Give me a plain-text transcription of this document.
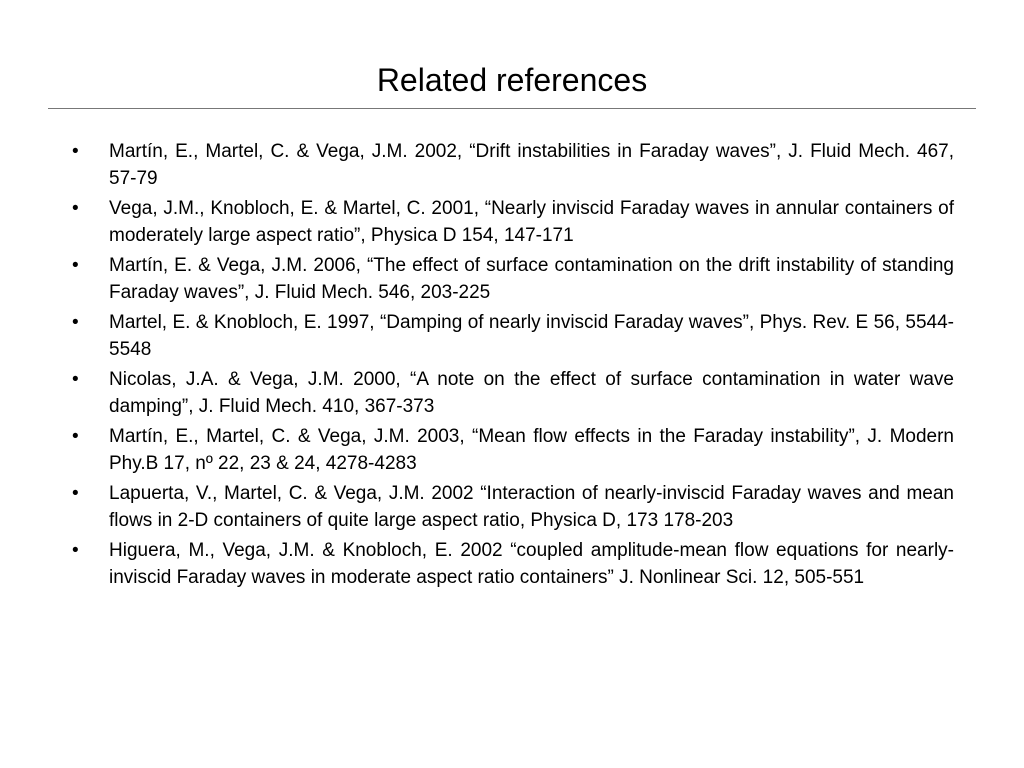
Related references
•	Martín, E., Martel, C. & Vega, J.M. 2002, “Drift instabilities in Faraday waves”, J. Fluid Mech. 467, 57-79
•	Vega, J.M., Knobloch, E. & Martel, C. 2001, “Nearly inviscid Faraday waves in annular containers of moderately large aspect ratio”, Physica D 154, 147-171
•	Martín, E. & Vega, J.M. 2006, “The effect of surface contamination on the drift instability of standing Faraday waves”, J. Fluid Mech. 546, 203-225
•	Martel, E. & Knobloch, E. 1997, “Damping of nearly inviscid Faraday waves”, Phys. Rev. E 56, 5544-5548
•	Nicolas, J.A. & Vega, J.M. 2000, “A note on the effect of surface contamination in water wave damping”, J. Fluid Mech. 410, 367-373
•	Martín, E., Martel, C. & Vega, J.M. 2003, “Mean flow effects in the Faraday instability”, J. Modern Phy.B 17, nº 22, 23 & 24, 4278-4283
•	Lapuerta, V., Martel, C. & Vega, J.M. 2002 “Interaction of nearly-inviscid Faraday waves and mean flows in 2-D containers of quite large aspect ratio, Physica D, 173 178-203
•	Higuera, M., Vega, J.M. & Knobloch, E. 2002 “coupled amplitude-mean flow equations for nearly-inviscid Faraday waves in moderate aspect ratio containers” J. Nonlinear Sci. 12, 505-551
